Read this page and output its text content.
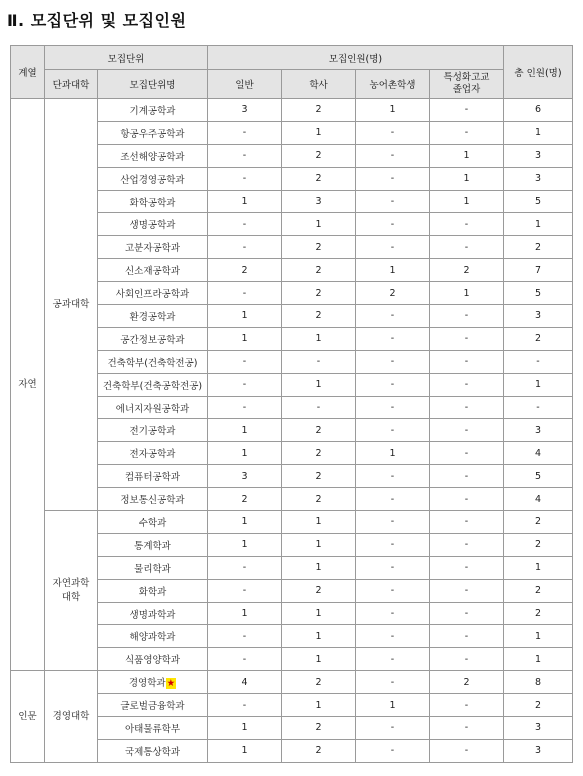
Ⅱ. 모집단위 및 모집인원
계열	모집단위		모집인원(명)				총 인원(명)
	단과대학	모집단위명	일반	학사	농어촌학생	특성화고교
졸업자	
자연	공과대학	기계공학과	3	2	1	-	6
		항공우주공학과	-	1	-	-	1
		조선해양공학과	-	2	-	1	3
		산업경영공학과	-	2	-	1	3
		화학공학과	1	3	-	1	5
		생명공학과	-	1	-	-	1
		고분자공학과	-	2	-	-	2
		신소재공학과	2	2	1	2	7
		사회인프라공학과	-	2	2	1	5
		환경공학과	1	2	-	-	3
		공간정보공학과	1	1	-	-	2
		건축학부(건축학전공)	-	-	-	-	-
		건축학부(건축공학전공)	-	1	-	-	1
		에너지자원공학과	-	-	-	-	-
		전기공학과	1	2	-	-	3
		전자공학과	1	2	1	-	4
		컴퓨터공학과	3	2	-	-	5
		정보통신공학과	2	2	-	-	4
	자연과학
대학	수학과	1	1	-	-	2
		통계학과	1	1	-	-	2
		물리학과	-	1	-	-	1
		화학과	-	2	-	-	2
		생명과학과	1	1	-	-	2
		해양과학과	-	1	-	-	1
		식품영양학과	-	1	-	-	1
인문	경영대학	경영학과★	4	2	-	2	8
		글로벌금융학과	-	1	1	-	2
		아태물류학부	1	2	-	-	3
		국제통상학과	1	2	-	-	3
